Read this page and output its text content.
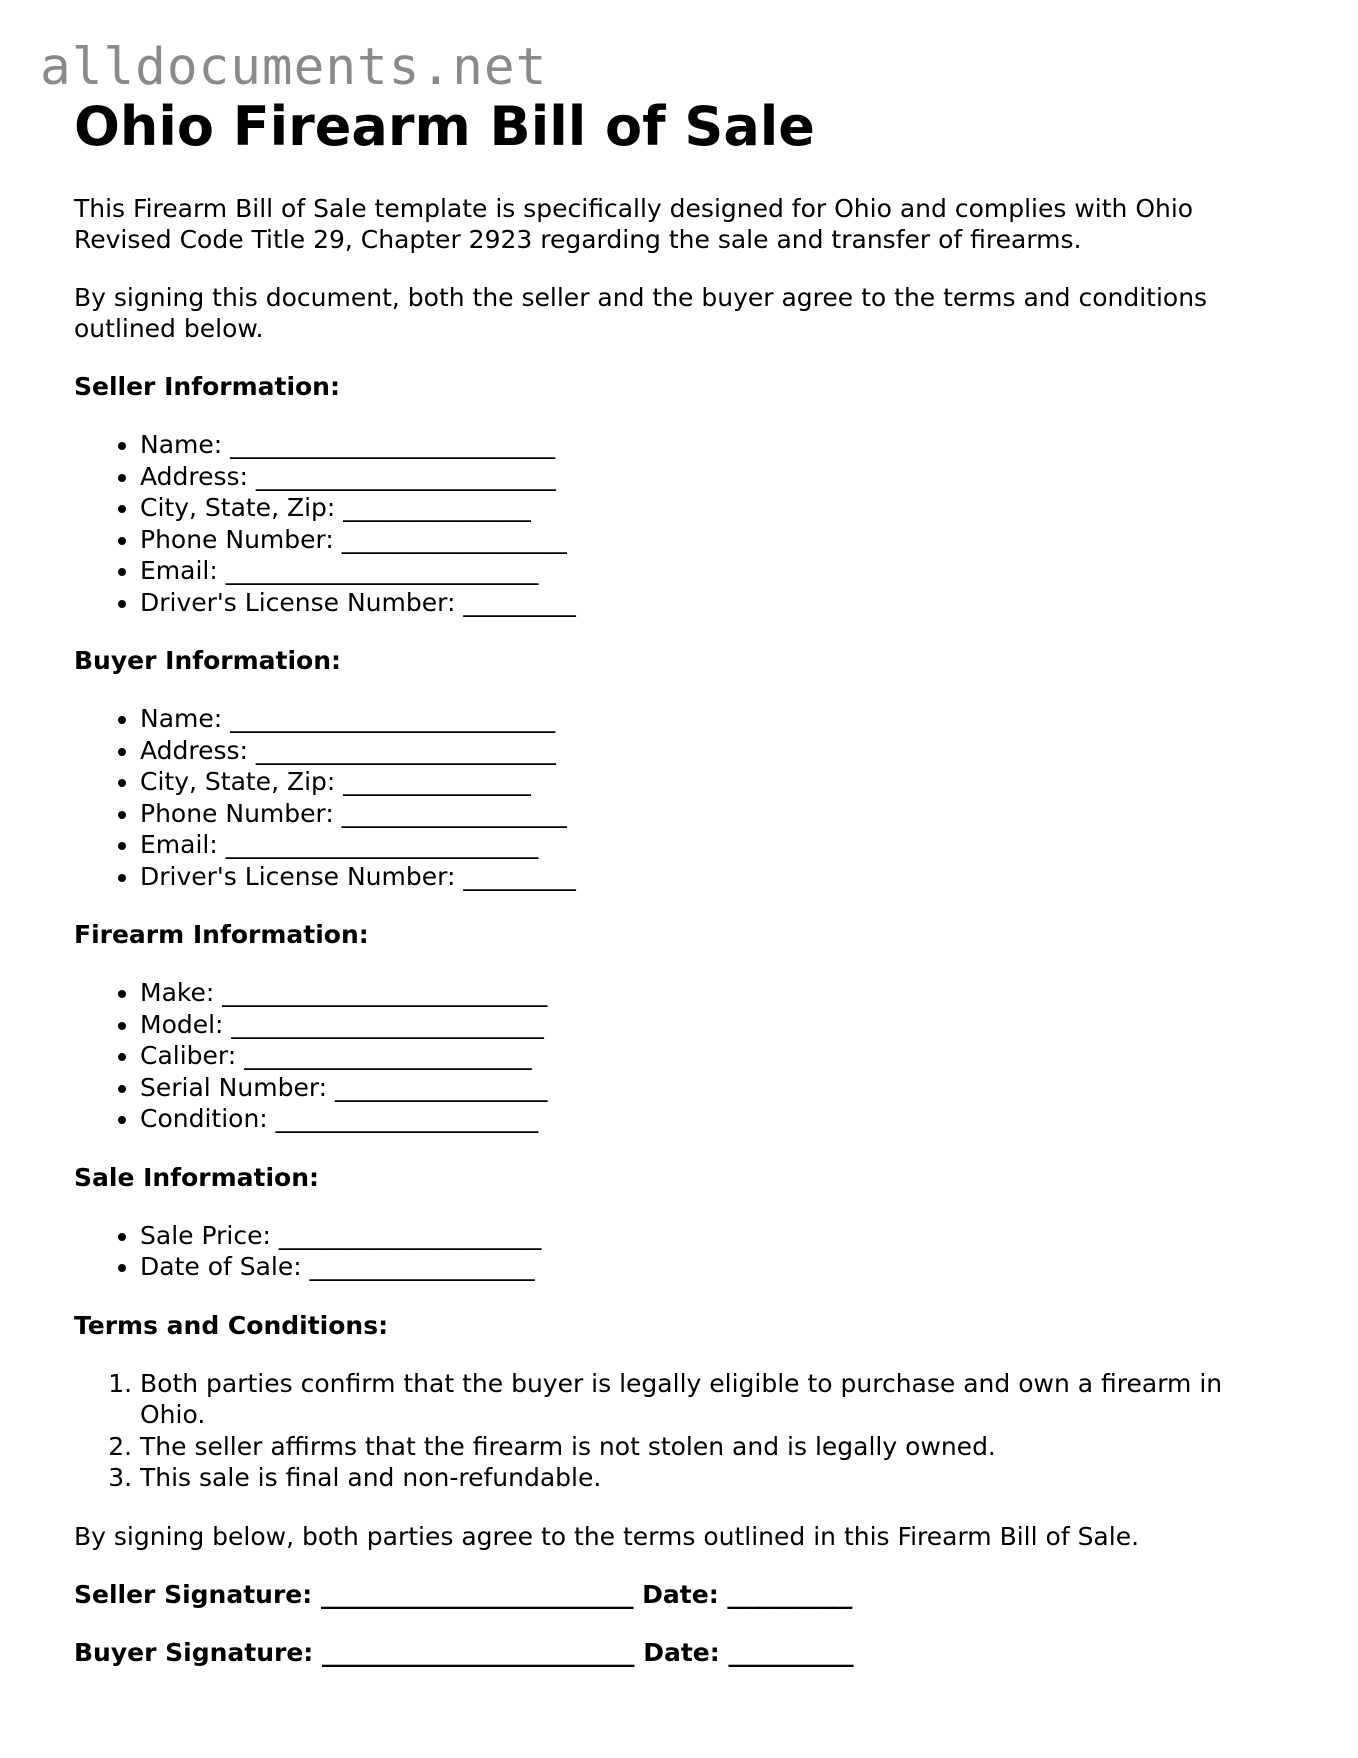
alldocuments.net
Ohio Firearm Bill of Sale

This Firearm Bill of Sale template is specifically designed for Ohio and complies with Ohio Revised Code Title 29, Chapter 2923 regarding the sale and transfer of firearms.

By signing this document, both the seller and the buyer agree to the terms and conditions outlined below.

Seller Information:
• Name: __________________________
• Address: ________________________
• City, State, Zip: _______________
• Phone Number: __________________
• Email: _________________________
• Driver's License Number: _________
Buyer Information:
• Name: __________________________
• Address: ________________________
• City, State, Zip: _______________
• Phone Number: __________________
• Email: _________________________
• Driver's License Number: _________
Firearm Information:
• Make: __________________________
• Model: _________________________
• Caliber: _______________________
• Serial Number: _________________
• Condition: _____________________
Sale Information:
• Sale Price: _____________________
• Date of Sale: __________________
Terms and Conditions:
1. Both parties confirm that the buyer is legally eligible to purchase and own a firearm in Ohio.
2. The seller affirms that the firearm is not stolen and is legally owned.
3. This sale is final and non-refundable.

By signing below, both parties agree to the terms outlined in this Firearm Bill of Sale.

Seller Signature: _________________________ Date: __________
Buyer Signature: _________________________ Date: __________
